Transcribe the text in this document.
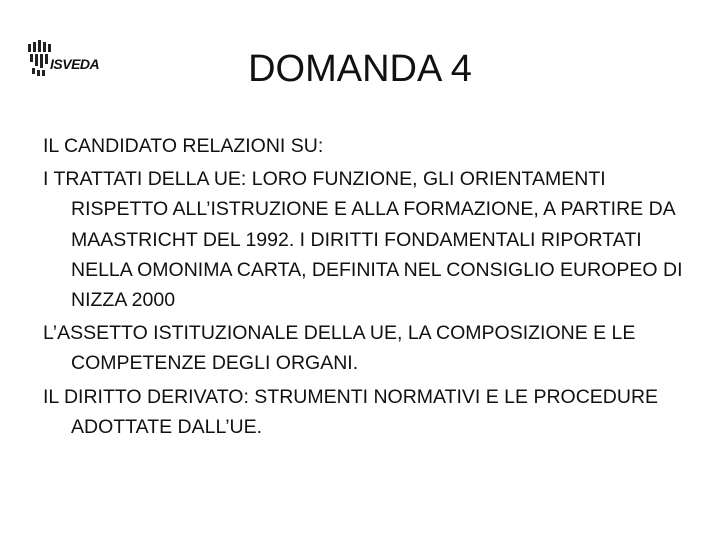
ISVEDA	DOMANDA 4
IL CANDIDATO RELAZIONI SU:
I TRATTATI DELLA UE: LORO FUNZIONE, GLI ORIENTAMENTI RISPETTO ALL’ISTRUZIONE E ALLA FORMAZIONE, A PARTIRE DA MAASTRICHT DEL 1992. I DIRITTI FONDAMENTALI RIPORTATI NELLA OMONIMA CARTA, DEFINITA NEL CONSIGLIO EUROPEO DI NIZZA 2000
L’ASSETTO ISTITUZIONALE DELLA UE, LA COMPOSIZIONE E LE COMPETENZE DEGLI ORGANI.
IL DIRITTO DERIVATO: STRUMENTI NORMATIVI E LE PROCEDURE ADOTTATE DALL’UE.
